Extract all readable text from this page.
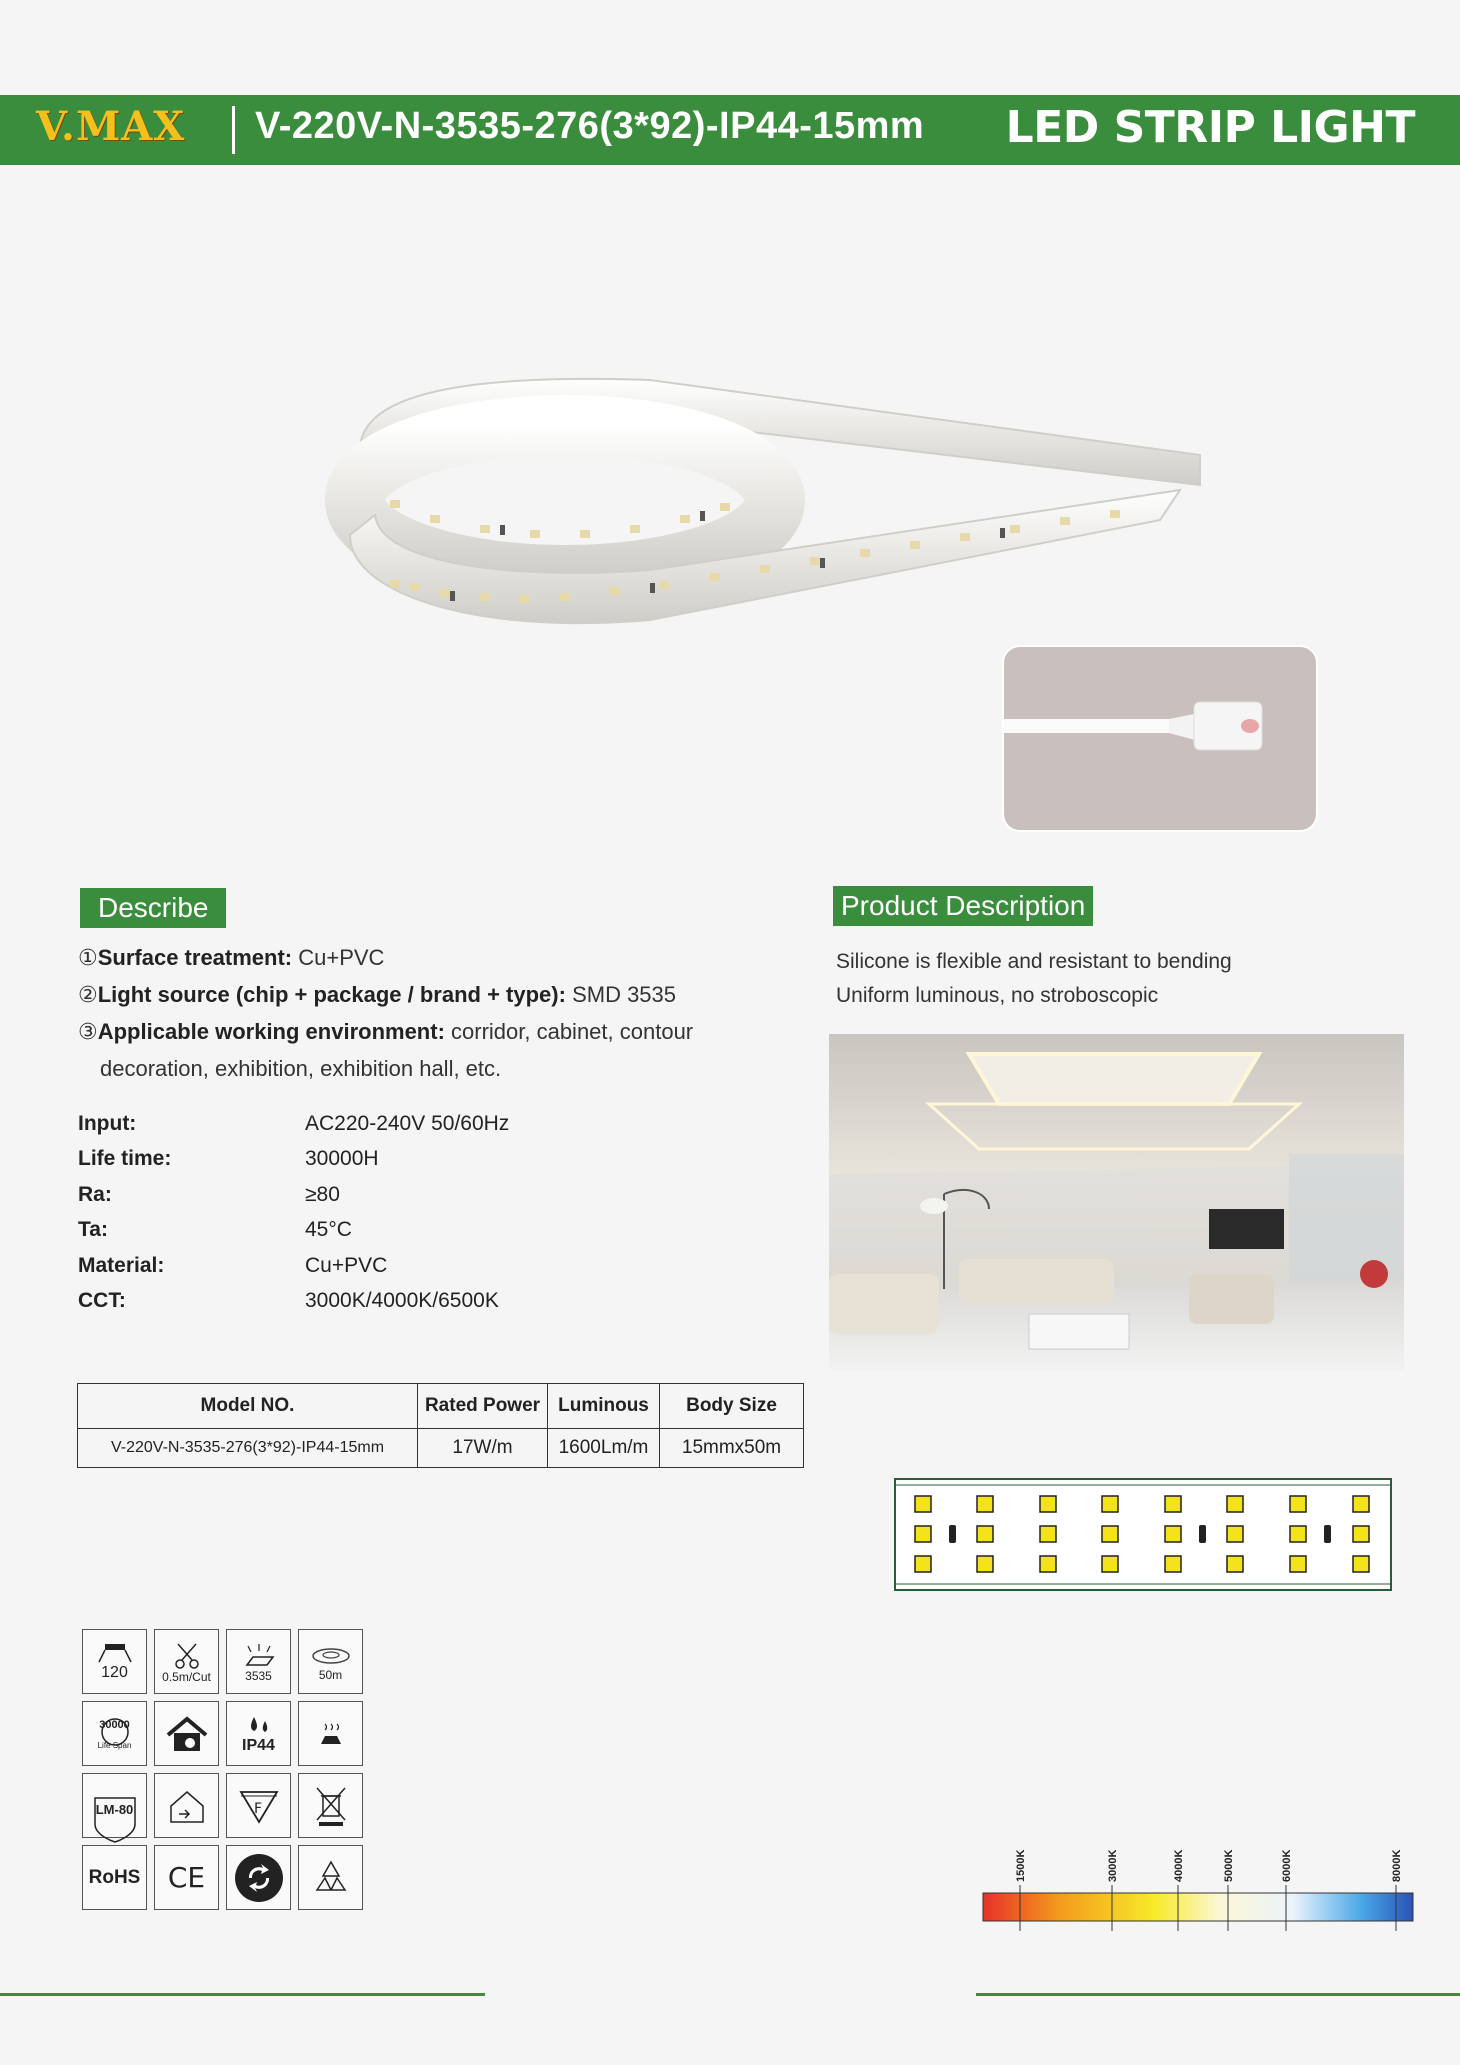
V.MAX V-220V-N-3535-276(3*92)-IP44-15mm LED STRIP LIGHT
Describe
①Surface treatment: Cu+PVC
②Light source (chip + package / brand + type): SMD 3535
③Applicable working environment: corridor, cabinet, contour
decoration, exhibition, exhibition hall, etc.
Input:	AC220-240V 50/60Hz
Life time:	30000H
Ra:	≥80
Ta:	45°C
Material:	Cu+PVC
CCT:	3000K/4000K/6500K
Model NO.	Rated Power	Luminous	Body Size
V-220V-N-3535-276(3*92)-IP44-15mm	17W/m	1600Lm/m	15mmx50m
Product Description
Silicone is flexible and resistant to bending
Uniform luminous, no stroboscopic
120	0.5m/Cut	3535	50m
30000
Life Span	IP44
LM-80	F
RoHS CE	1500K	3000K	4000K	5000K	6000K	8000K
